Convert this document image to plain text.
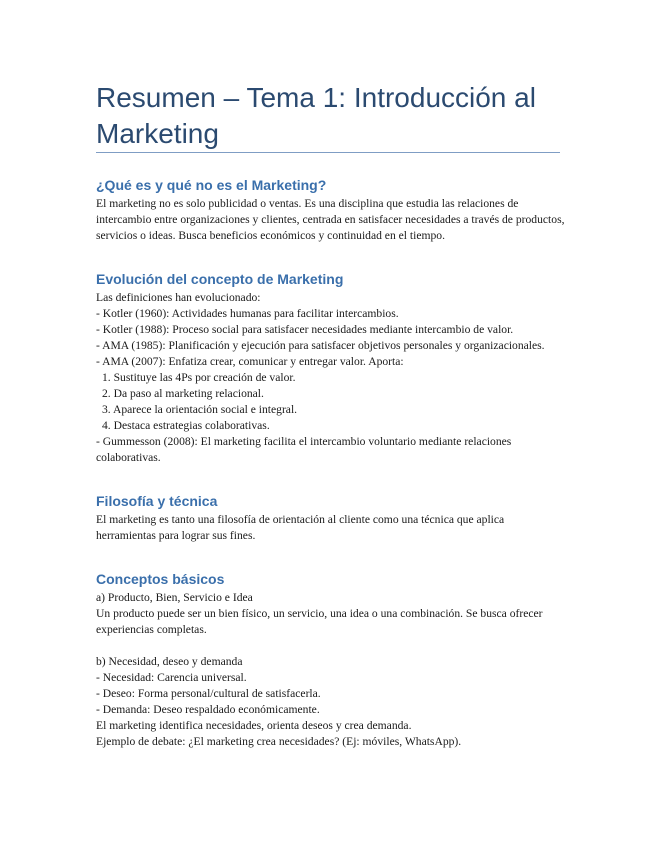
Resumen – Tema 1: Introducción al Marketing
¿Qué es y qué no es el Marketing?

El marketing no es solo publicidad o ventas. Es una disciplina que estudia las relaciones de intercambio entre organizaciones y clientes, centrada en satisfacer necesidades a través de productos, servicios o ideas. Busca beneficios económicos y continuidad en el tiempo.

Evolución del concepto de Marketing
Las definiciones han evolucionado:
- Kotler (1960): Actividades humanas para facilitar intercambios.
- Kotler (1988): Proceso social para satisfacer necesidades mediante intercambio de valor.
- AMA (1985): Planificación y ejecución para satisfacer objetivos personales y organizacionales.
- AMA (2007): Enfatiza crear, comunicar y entregar valor. Aporta:
1. Sustituye las 4Ps por creación de valor.
2. Da paso al marketing relacional.
3. Aparece la orientación social e integral.
4. Destaca estrategias colaborativas.
- Gummesson (2008): El marketing facilita el intercambio voluntario mediante relaciones colaborativas.
Filosofía y técnica

El marketing es tanto una filosofía de orientación al cliente como una técnica que aplica herramientas para lograr sus fines.

Conceptos básicos
a) Producto, Bien, Servicio e Idea

Un producto puede ser un bien físico, un servicio, una idea o una combinación. Se busca ofrecer experiencias completas.

b) Necesidad, deseo y demanda
- Necesidad: Carencia universal.
- Deseo: Forma personal/cultural de satisfacerla.
- Demanda: Deseo respaldado económicamente.
El marketing identifica necesidades, orienta deseos y crea demanda.
Ejemplo de debate: ¿El marketing crea necesidades? (Ej: móviles, WhatsApp).
